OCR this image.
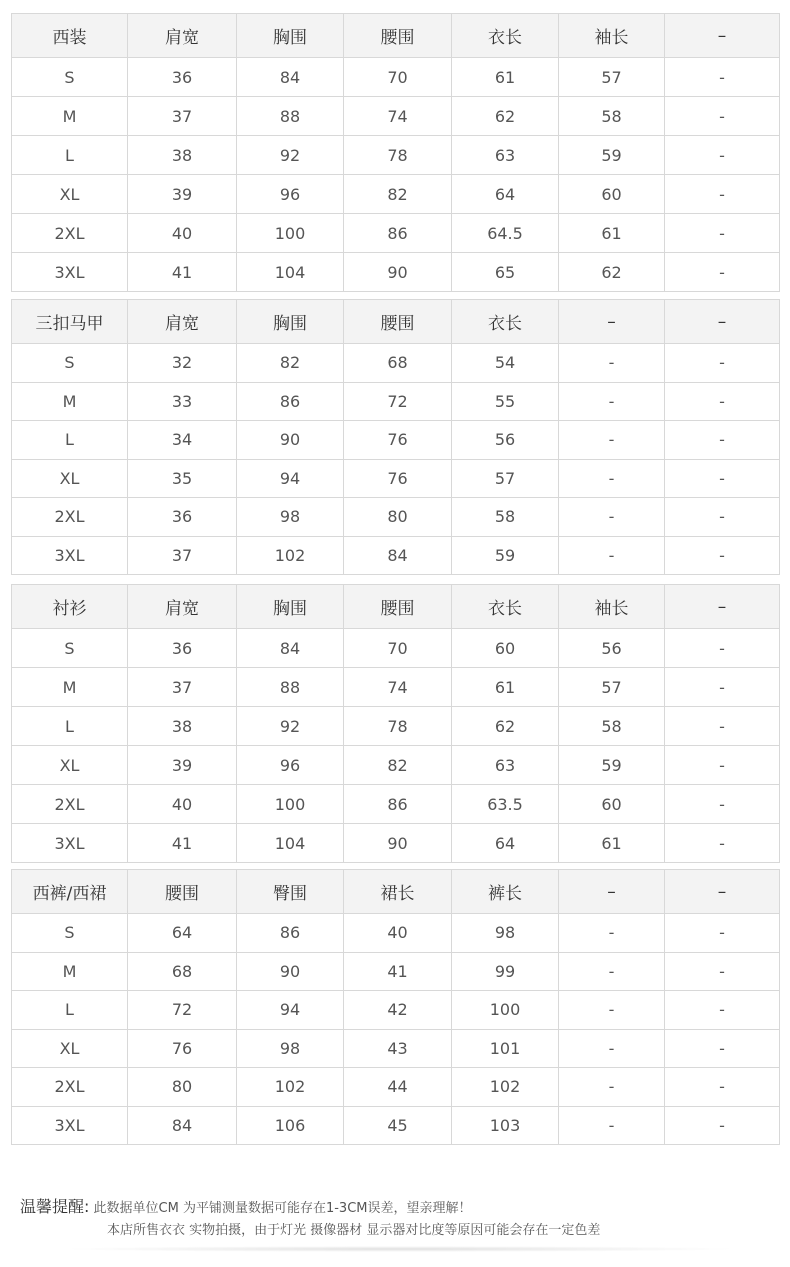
西装	肩宽	胸围	腰围	衣长	袖长	–
S	36	84	70	61	57	-
M	37	88	74	62	58	-
L	38	92	78	63	59	-
XL	39	96	82	64	60	-
2XL	40	100	86	64.5	61	-
3XL	41	104	90	65	62	-
三扣马甲	肩宽	胸围	腰围	衣长	–	–
S	32	82	68	54	-	-
M	33	86	72	55	-	-
L	34	90	76	56	-	-
XL	35	94	76	57	-	-
2XL	36	98	80	58	-	-
3XL	37	102	84	59	-	-
衬衫	肩宽	胸围	腰围	衣长	袖长	–
S	36	84	70	60	56	-
M	37	88	74	61	57	-
L	38	92	78	62	58	-
XL	39	96	82	63	59	-
2XL	40	100	86	63.5	60	-
3XL	41	104	90	64	61	-
西裤/西裙	腰围	臀围	裙长	裤长	–	–
S	64	86	40	98	-	-
M	68	90	41	99	-	-
L	72	94	42	100	-	-
XL	76	98	43	101	-	-
2XL	80	102	44	102	-	-
3XL	84	106	45	103	-	-
温馨提醒: 此数据单位CM 为平铺测量数据可能存在1-3CM误差，望亲理解！
本店所售衣衣 实物拍摄，由于灯光 摄像器材 显示器对比度等原因可能会存在一定色差
